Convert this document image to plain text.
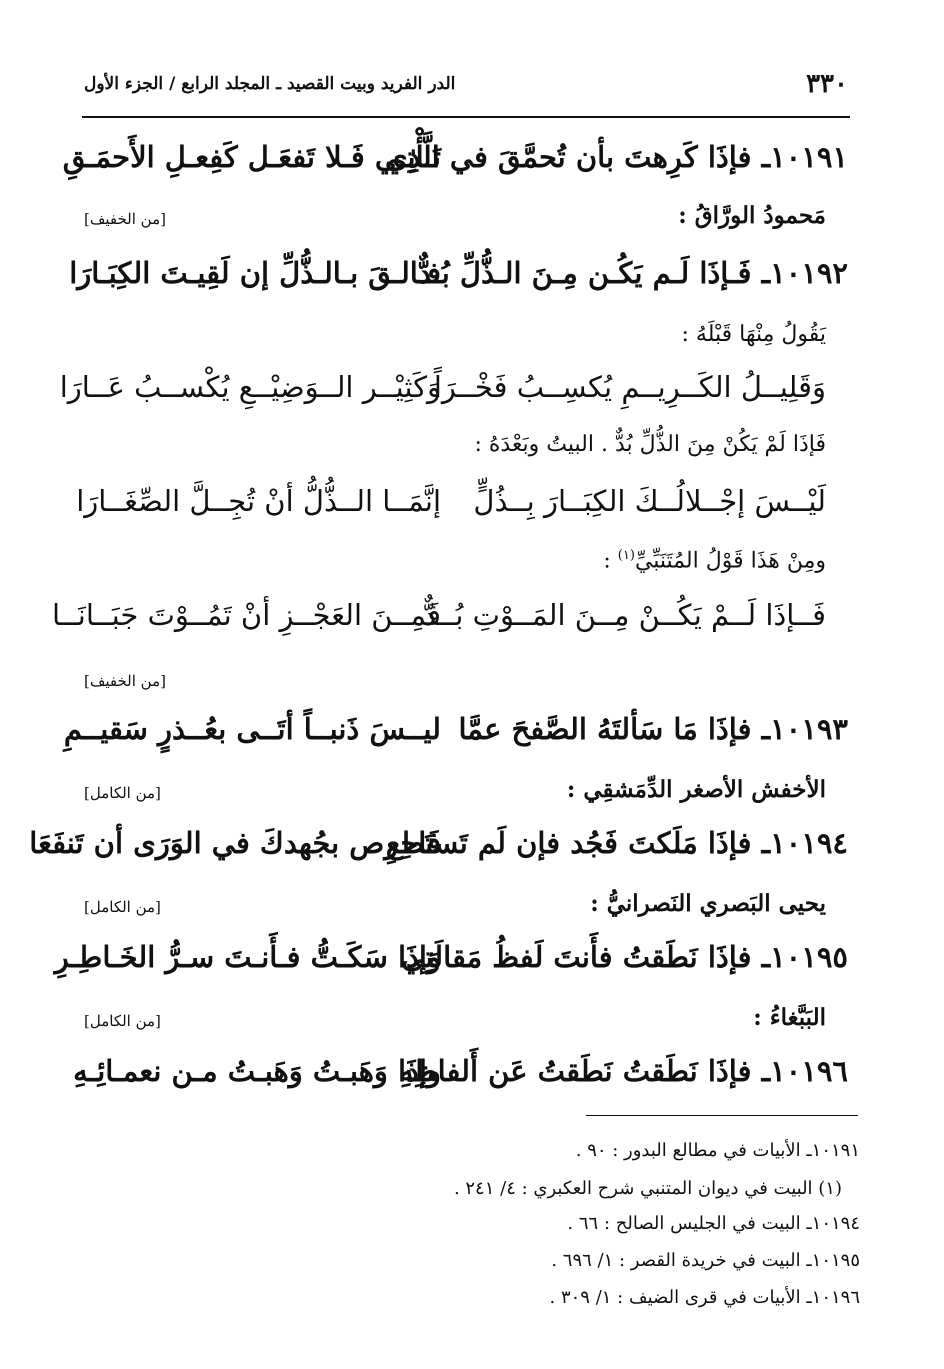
٣٣٠
الدر الفريد وبيت القصيد ـ المجلد الرابع / الجزء الأول
١٠١٩١ـ فإذَا كَرِهتَ بأن تُحمَّقَ في الَّذِي
تَـأْتِـي فَـلا تَفعَـل كَفِعـلِ الأَحمَـقِ
مَحمودُ الورَّاقُ :
[من الخفيف]
١٠١٩٢ـ فَـإذَا لَـم يَكُـن مِـنَ الـذُّلِّ بُـدٌّ
فـالـقَ بـالـذُّلِّ إن لَقِيـتَ الكِبَـارَا
يَقُولُ مِنْهَا قَبْلَهُ :
وَقَلِيــلُ الكَــرِيــمِ يُكسِــبُ فَخْــرَاً
وَكَثِيْــر الــوَضِيْــعِ يُكْســبُ عَــارَا
فَإذَا لَمْ يَكُنْ مِنَ الذُّلِّ بُدٌّ . البيتُ وبَعْدَهُ :
لَيْــسَ إجْــلالُــكَ الكِبَــارَ بِــذُلٍّ
إنَّمَــا الــذُّلُّ أنْ تُجِــلَّ الصِّغَــارَا
ومِنْ هَذَا قَوْلُ المُتَنَبِّيِّ$^{(١)}$ :
فَــإذَا لَــمْ يَكُــنْ مِــنَ المَــوْتِ بُــدٌّ
فَمِــنَ العَجْــزِ أنْ تَمُــوْتَ جَبَــانَــا
[من الخفيف]
١٠١٩٣ـ فإذَا مَا سَألتَهُ الصَّفحَ عمَّا
ليــسَ ذَنبــاً أتَــى بعُــذرٍ سَقيــمِ
الأخفش الأصغر الدِّمَشقِي :
[من الكامل]
١٠١٩٤ـ فإذَا مَلَكتَ فَجُد فإن لَم تَستَطِع
فَاحرِص بجُهدكَ في الوَرَى أن تَنفَعَا
يحيى البَصري النَصرانيُّ :
[من الكامل]
١٠١٩٥ـ فإذَا نَطَقتُ فأَنتَ لَفظُ مَقالَتِي
وَإذَا سَكَـتُّ فـأَنـتَ سـرُّ الخَـاطِـرِ
البَبَّغاءُ :
[من الكامل]
١٠١٩٦ـ فإذَا نَطَقتُ نَطَقتُ عَن أَلفاظِهِ
وإذَا وَهَبـتُ وَهَبـتُ مـن نعمـائِـهِ
١٠١٩١ـ الأبيات في مطالع البدور : ٩٠ .
(١) البيت في ديوان المتنبي شرح العكبري : ٤/ ٢٤١ .
١٠١٩٤ـ البيت في الجليس الصالح : ٦٦ .
١٠١٩٥ـ البيت في خريدة القصر : ١/ ٦٩٦ .
١٠١٩٦ـ الأبيات في قرى الضيف : ١/ ٣٠٩ .
